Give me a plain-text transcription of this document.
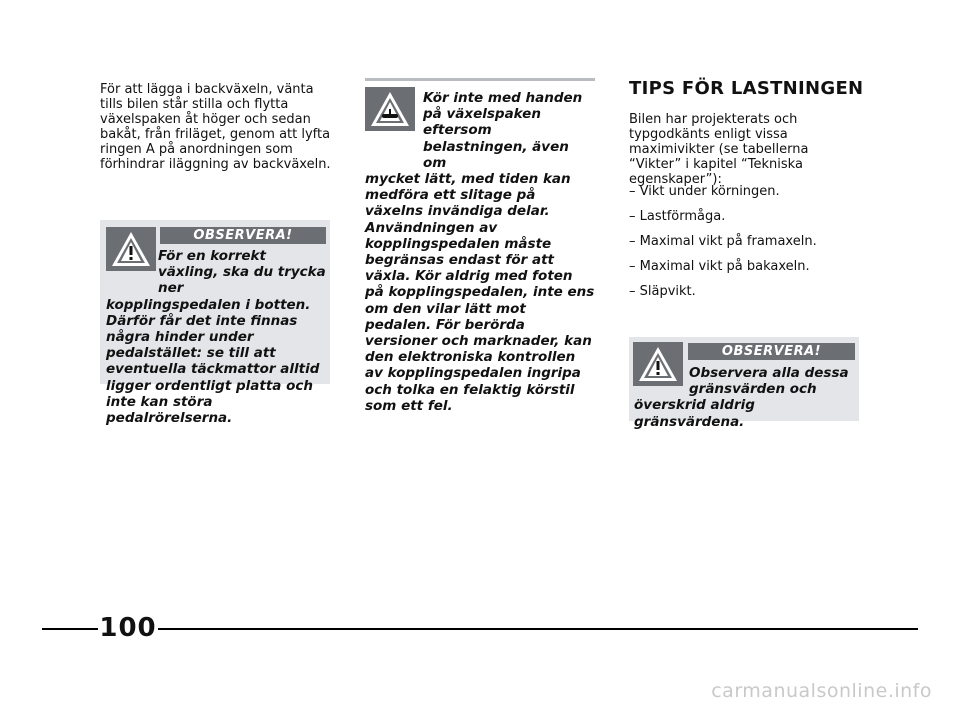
För att lägga i backväxeln, vänta tills bilen står stilla och flytta växelspaken åt höger och sedan bakåt, från friläget, genom att lyfta ringen A på anordningen som förhindrar iläggning av backväxeln.

OBSERVERA!

För en korrekt växling, ska du trycka ner
kopplingspedalen i botten. Därför får det inte finnas några hinder under pedalstället: se till att eventuella täckmattor alltid ligger ordentligt platta och inte kan störa pedalrörelserna.

Kör inte med handen på växelspaken eftersom belastningen, även om
mycket lätt, med tiden kan medföra ett slitage på växelns invändiga delar. Användningen av kopplingspedalen måste begränsas endast för att växla. Kör aldrig med foten på kopplingspedalen, inte ens om den vilar lätt mot pedalen. För berörda versioner och marknader, kan den elektroniska kontrollen av kopplingspedalen ingripa och tolka en felaktig körstil som ett fel.

TIPS FÖR LASTNINGEN

Bilen har projekterats och typgodkänts enligt vissa maximivikter (se tabellerna “Vikter” i kapitel “Tekniska egenskaper”):

– Vikt under körningen.
– Lastförmåga.
– Maximal vikt på framaxeln.
– Maximal vikt på bakaxeln.
– Släpvikt.
OBSERVERA!

Observera alla dessa gränsvärden och
överskrid aldrig gränsvärdena.

100
carmanualsonline.info
